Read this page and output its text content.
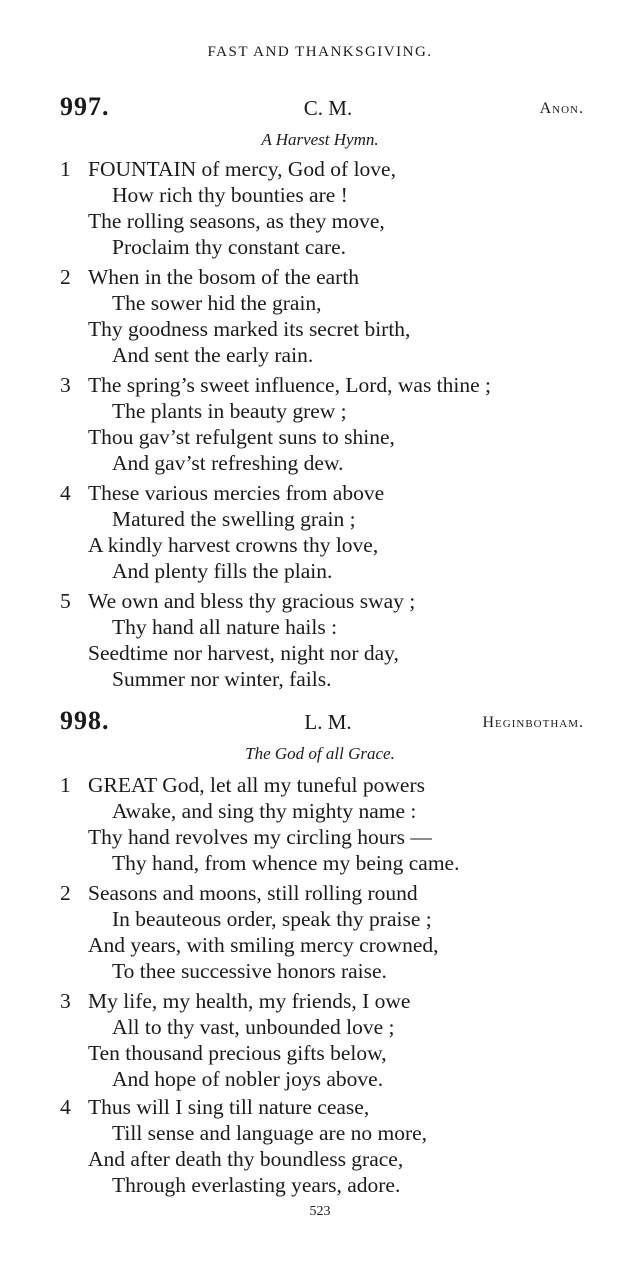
FAST AND THANKSGIVING.
997.	C. M.	Anon.
A Harvest Hymn.
1 FOUNTAIN of mercy, God of love,
How rich thy bounties are !
The rolling seasons, as they move,
Proclaim thy constant care.
2 When in the bosom of the earth
The sower hid the grain,
Thy goodness marked its secret birth,
And sent the early rain.
3 The spring’s sweet influence, Lord, was thine ;
The plants in beauty grew ;
Thou gav’st refulgent suns to shine,
And gav’st refreshing dew.
4 These various mercies from above
Matured the swelling grain ;
A kindly harvest crowns thy love,
And plenty fills the plain.
5 We own and bless thy gracious sway ;
Thy hand all nature hails :
Seedtime nor harvest, night nor day,
Summer nor winter, fails.
998.	L. M.	Heginbotham.
The God of all Grace.
1 GREAT God, let all my tuneful powers
Awake, and sing thy mighty name :
Thy hand revolves my circling hours —
Thy hand, from whence my being came.
2 Seasons and moons, still rolling round
In beauteous order, speak thy praise ;
And years, with smiling mercy crowned,
To thee successive honors raise.
3 My life, my health, my friends, I owe
All to thy vast, unbounded love ;
Ten thousand precious gifts below,
And hope of nobler joys above.
4 Thus will I sing till nature cease,
Till sense and language are no more,
And after death thy boundless grace,
Through everlasting years, adore.
523
